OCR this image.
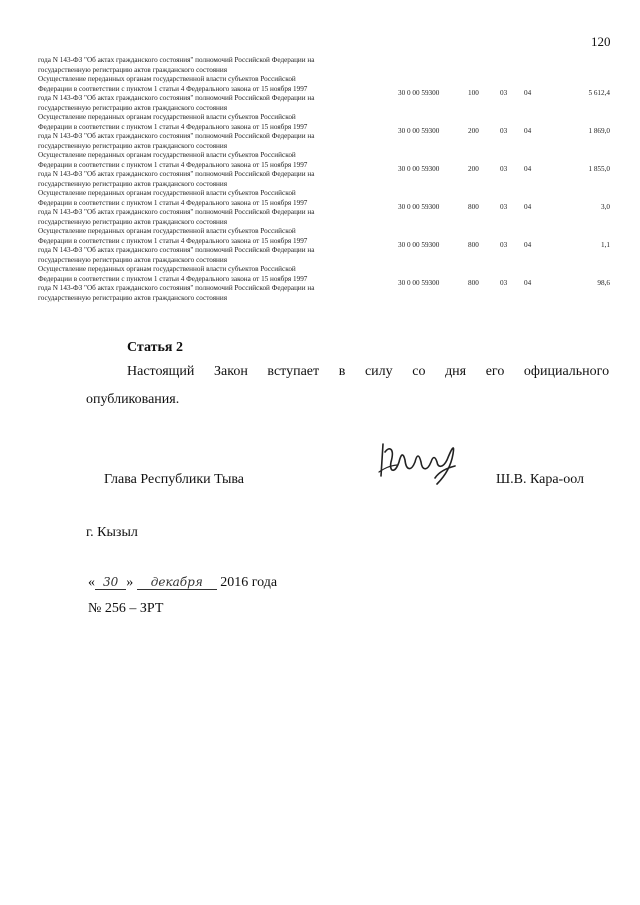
120
года N 143-ФЗ "Об актах гражданского состояния" полномочий Российской Федерации на
государственную регистрацию актов гражданского состояния					

Осуществление переданных органам государственной власти субъектов Российской
Федерации в соответствии с пунктом 1 статьи 4 Федерального закона от 15 ноября 1997
года N 143-ФЗ "Об актах гражданского состояния" полномочий Российской Федерации на
государственную регистрацию актов гражданского состояния	30 0 00 59300	100	03	04	5 612,4

Осуществление переданных органам государственной власти субъектов Российской
Федерации в соответствии с пунктом 1 статьи 4 Федерального закона от 15 ноября 1997
года N 143-ФЗ "Об актах гражданского состояния" полномочий Российской Федерации на
государственную регистрацию актов гражданского состояния	30 0 00 59300	200	03	04	1 869,0

Осуществление переданных органам государственной власти субъектов Российской
Федерации в соответствии с пунктом 1 статьи 4 Федерального закона от 15 ноября 1997
года N 143-ФЗ "Об актах гражданского состояния" полномочий Российской Федерации на
государственную регистрацию актов гражданского состояния	30 0 00 59300	200	03	04	1 855,0

Осуществление переданных органам государственной власти субъектов Российской
Федерации в соответствии с пунктом 1 статьи 4 Федерального закона от 15 ноября 1997
года N 143-ФЗ "Об актах гражданского состояния" полномочий Российской Федерации на
государственную регистрацию актов гражданского состояния	30 0 00 59300	800	03	04	3,0

Осуществление переданных органам государственной власти субъектов Российской
Федерации в соответствии с пунктом 1 статьи 4 Федерального закона от 15 ноября 1997
года N 143-ФЗ "Об актах гражданского состояния" полномочий Российской Федерации на
государственную регистрацию актов гражданского состояния	30 0 00 59300	800	03	04	1,1

Осуществление переданных органам государственной власти субъектов Российской
Федерации в соответствии с пунктом 1 статьи 4 Федерального закона от 15 ноября 1997
года N 143-ФЗ "Об актах гражданского состояния" полномочий Российской Федерации на
государственную регистрацию актов гражданского состояния	30 0 00 59300	800	03	04	98,6
Статья 2
Настоящий Закон вступает в силу со дня его официального
опубликования.
Глава Республики Тыва	Ш.В. Кара-оол
г. Кызыл
« 30 » декабря 2016 года
№ 256 – ЗРТ
